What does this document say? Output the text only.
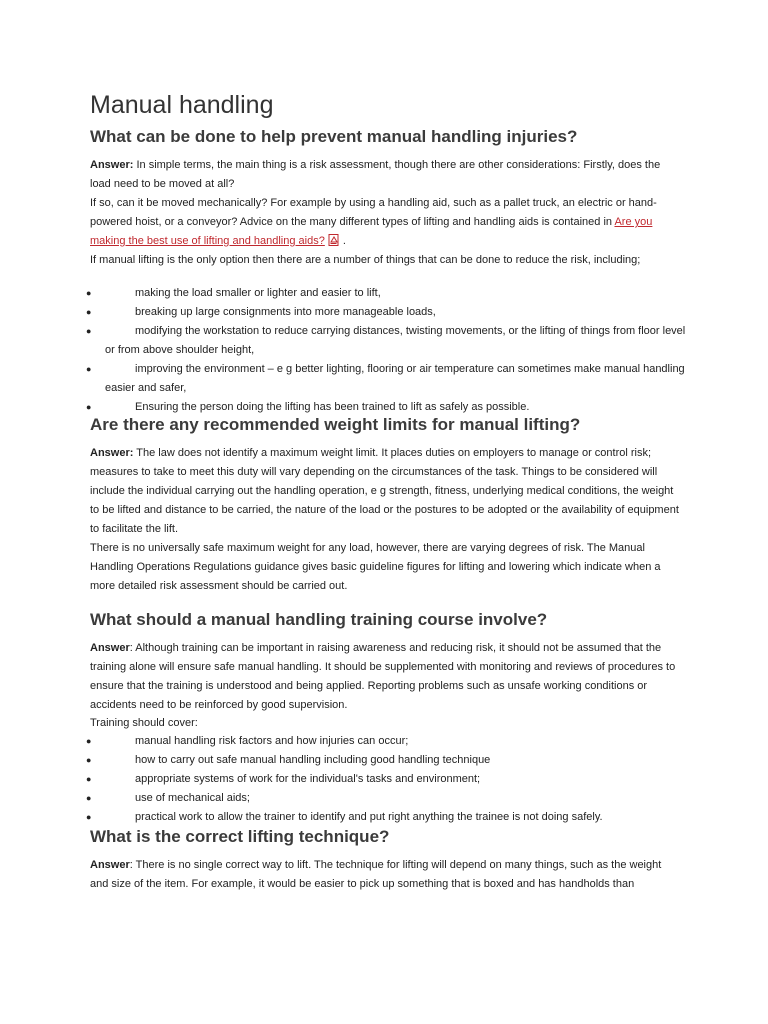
Manual handling
What can be done to help prevent manual handling injuries?

Answer: In simple terms, the main thing is a risk assessment, though there are other considerations: Firstly, does the load need to be moved at all?

If so, can it be moved mechanically? For example by using a handling aid, such as a pallet truck, an electric or hand-powered hoist, or a conveyor? Advice on the many different types of lifting and handling aids is contained in Are you making the best use of lifting and handling aids? .

If manual lifting is the only option then there are a number of things that can be done to reduce the risk, including;

●	making the load smaller or lighter and easier to lift,
●	breaking up large consignments into more manageable loads,
●	modifying the workstation to reduce carrying distances, twisting movements, or the lifting of things from floor level or from above shoulder height,
●	improving the environment – e g better lighting, flooring or air temperature can sometimes make manual handling easier and safer,
●	Ensuring the person doing the lifting has been trained to lift as safely as possible.
Are there any recommended weight limits for manual lifting?

Answer: The law does not identify a maximum weight limit. It places duties on employers to manage or control risk; measures to take to meet this duty will vary depending on the circumstances of the task. Things to be considered will include the individual carrying out the handling operation, e g strength, fitness, underlying medical conditions, the weight to be lifted and distance to be carried, the nature of the load or the postures to be adopted or the availability of equipment to facilitate the lift.

There is no universally safe maximum weight for any load, however, there are varying degrees of risk. The Manual Handling Operations Regulations guidance gives basic guideline figures for lifting and lowering which indicate when a more detailed risk assessment should be carried out.

What should a manual handling training course involve?

Answer: Although training can be important in raising awareness and reducing risk, it should not be assumed that the training alone will ensure safe manual handling. It should be supplemented with monitoring and reviews of procedures to ensure that the training is understood and being applied. Reporting problems such as unsafe working conditions or accidents need to be reinforced by good supervision.

Training should cover:

●	manual handling risk factors and how injuries can occur;
●	how to carry out safe manual handling including good handling technique
●	appropriate systems of work for the individual's tasks and environment;
●	use of mechanical aids;
●	practical work to allow the trainer to identify and put right anything the trainee is not doing safely.
What is the correct lifting technique?

Answer: There is no single correct way to lift. The technique for lifting will depend on many things, such as the weight and size of the item. For example, it would be easier to pick up something that is boxed and has handholds than
